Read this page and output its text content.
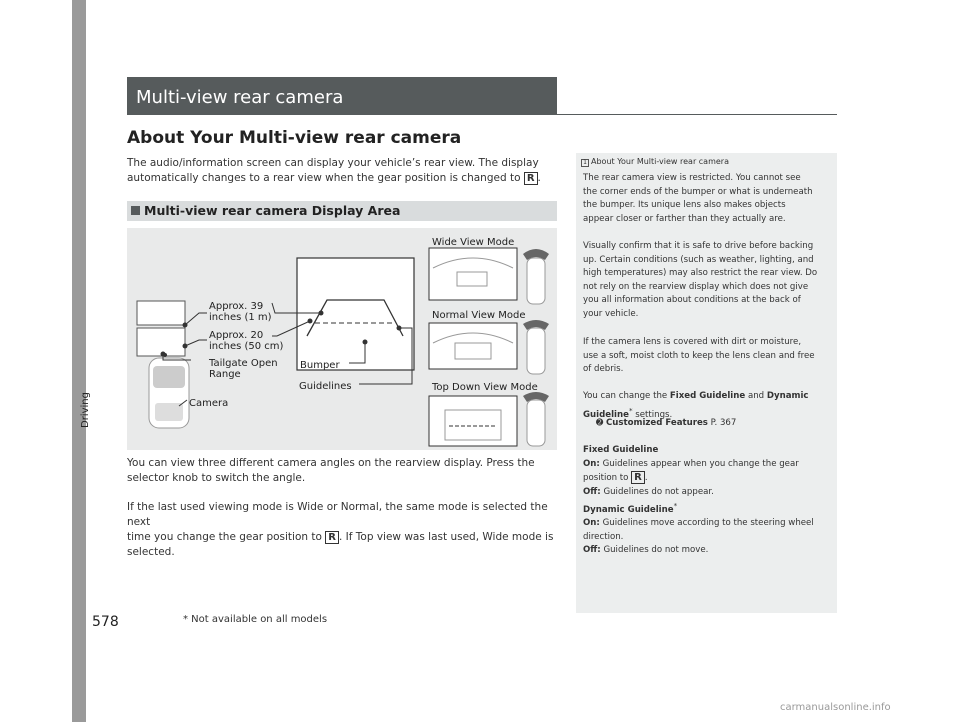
Driving
578
Multi-view rear camera
About Your Multi-view rear camera
The audio/information screen can display your vehicle’s rear view. The display
automatically changes to a rear view when the gear position is changed to R .
Multi-view rear camera Display Area
Approx. 39
inches (1 m)
Approx. 20
inches (50 cm)
Tailgate Open
Range
Camera
Bumper
Guidelines
Wide View Mode
Normal View Mode
Top Down View Mode
You can view three different camera angles on the rearview display. Press the
selector knob to switch the angle.
If the last used viewing mode is Wide or Normal, the same mode is selected the next
time you change the gear position to R . If Top view was last used, Wide mode is
selected.
1 About Your Multi-view rear camera
The rear camera view is restricted. You cannot see
the corner ends of the bumper or what is underneath
the bumper. Its unique lens also makes objects
appear closer or farther than they actually are.
Visually confirm that it is safe to drive before backing
up. Certain conditions (such as weather, lighting, and
high temperatures) may also restrict the rear view. Do
not rely on the rearview display which does not give
you all information about conditions at the back of
your vehicle.
If the camera lens is covered with dirt or moisture,
use a soft, moist cloth to keep the lens clean and free
of debris.
You can change the Fixed Guideline and Dynamic
Guideline* settings.
➋ Customized Features P. 367
Fixed Guideline
On: Guidelines appear when you change the gear
position to R .
Off: Guidelines do not appear.
Dynamic Guideline*
On: Guidelines move according to the steering wheel
direction.
Off: Guidelines do not move.
* Not available on all models
carmanualsonline.info
